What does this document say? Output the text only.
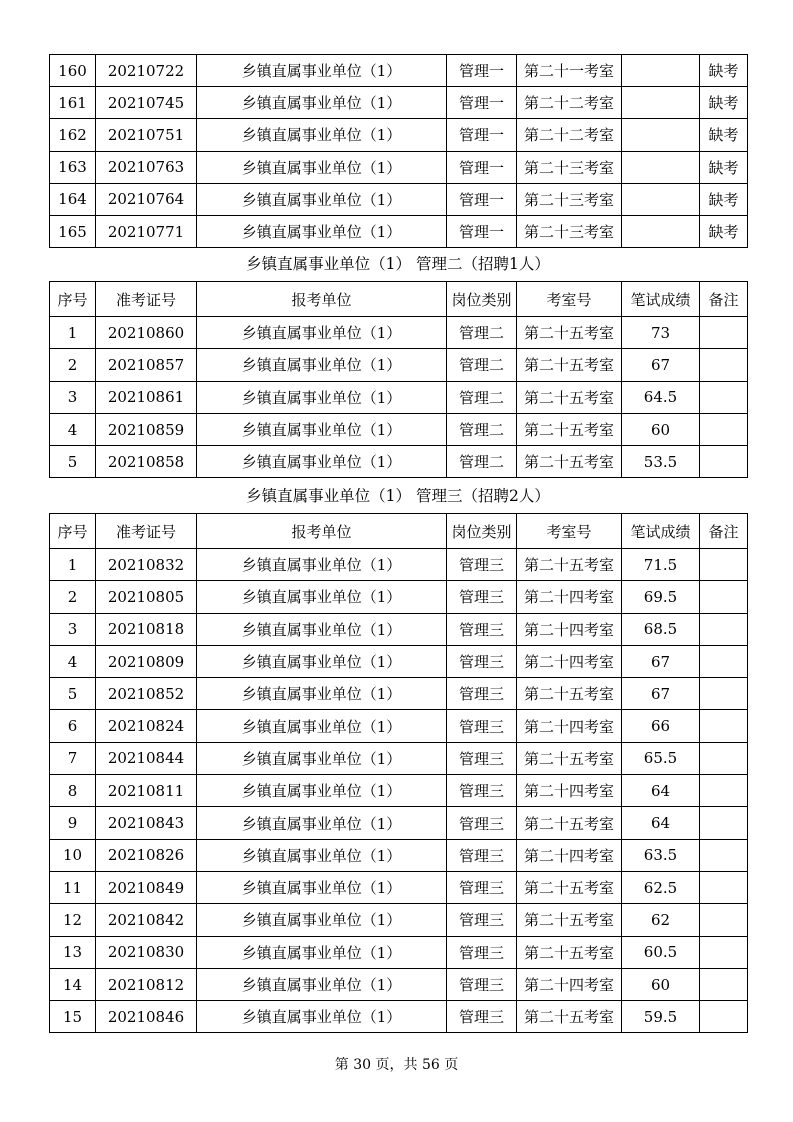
160	20210722	乡镇直属事业单位（1）	管理一	第二十一考室		缺考
161	20210745	乡镇直属事业单位（1）	管理一	第二十二考室		缺考
162	20210751	乡镇直属事业单位（1）	管理一	第二十二考室		缺考
163	20210763	乡镇直属事业单位（1）	管理一	第二十三考室		缺考
164	20210764	乡镇直属事业单位（1）	管理一	第二十三考室		缺考
165	20210771	乡镇直属事业单位（1）	管理一	第二十三考室		缺考
乡镇直属事业单位（1） 管理二（招聘1人）
序号	准考证号	报考单位	岗位类别	考室号	笔试成绩	备注
1	20210860	乡镇直属事业单位（1）	管理二	第二十五考室	73	
2	20210857	乡镇直属事业单位（1）	管理二	第二十五考室	67	
3	20210861	乡镇直属事业单位（1）	管理二	第二十五考室	64.5	
4	20210859	乡镇直属事业单位（1）	管理二	第二十五考室	60	
5	20210858	乡镇直属事业单位（1）	管理二	第二十五考室	53.5	
乡镇直属事业单位（1） 管理三（招聘2人）
序号	准考证号	报考单位	岗位类别	考室号	笔试成绩	备注
1	20210832	乡镇直属事业单位（1）	管理三	第二十五考室	71.5	
2	20210805	乡镇直属事业单位（1）	管理三	第二十四考室	69.5	
3	20210818	乡镇直属事业单位（1）	管理三	第二十四考室	68.5	
4	20210809	乡镇直属事业单位（1）	管理三	第二十四考室	67	
5	20210852	乡镇直属事业单位（1）	管理三	第二十五考室	67	
6	20210824	乡镇直属事业单位（1）	管理三	第二十四考室	66	
7	20210844	乡镇直属事业单位（1）	管理三	第二十五考室	65.5	
8	20210811	乡镇直属事业单位（1）	管理三	第二十四考室	64	
9	20210843	乡镇直属事业单位（1）	管理三	第二十五考室	64	
10	20210826	乡镇直属事业单位（1）	管理三	第二十四考室	63.5	
11	20210849	乡镇直属事业单位（1）	管理三	第二十五考室	62.5	
12	20210842	乡镇直属事业单位（1）	管理三	第二十五考室	62	
13	20210830	乡镇直属事业单位（1）	管理三	第二十五考室	60.5	
14	20210812	乡镇直属事业单位（1）	管理三	第二十四考室	60	
15	20210846	乡镇直属事业单位（1）	管理三	第二十五考室	59.5	
第 30 页，共 56 页
